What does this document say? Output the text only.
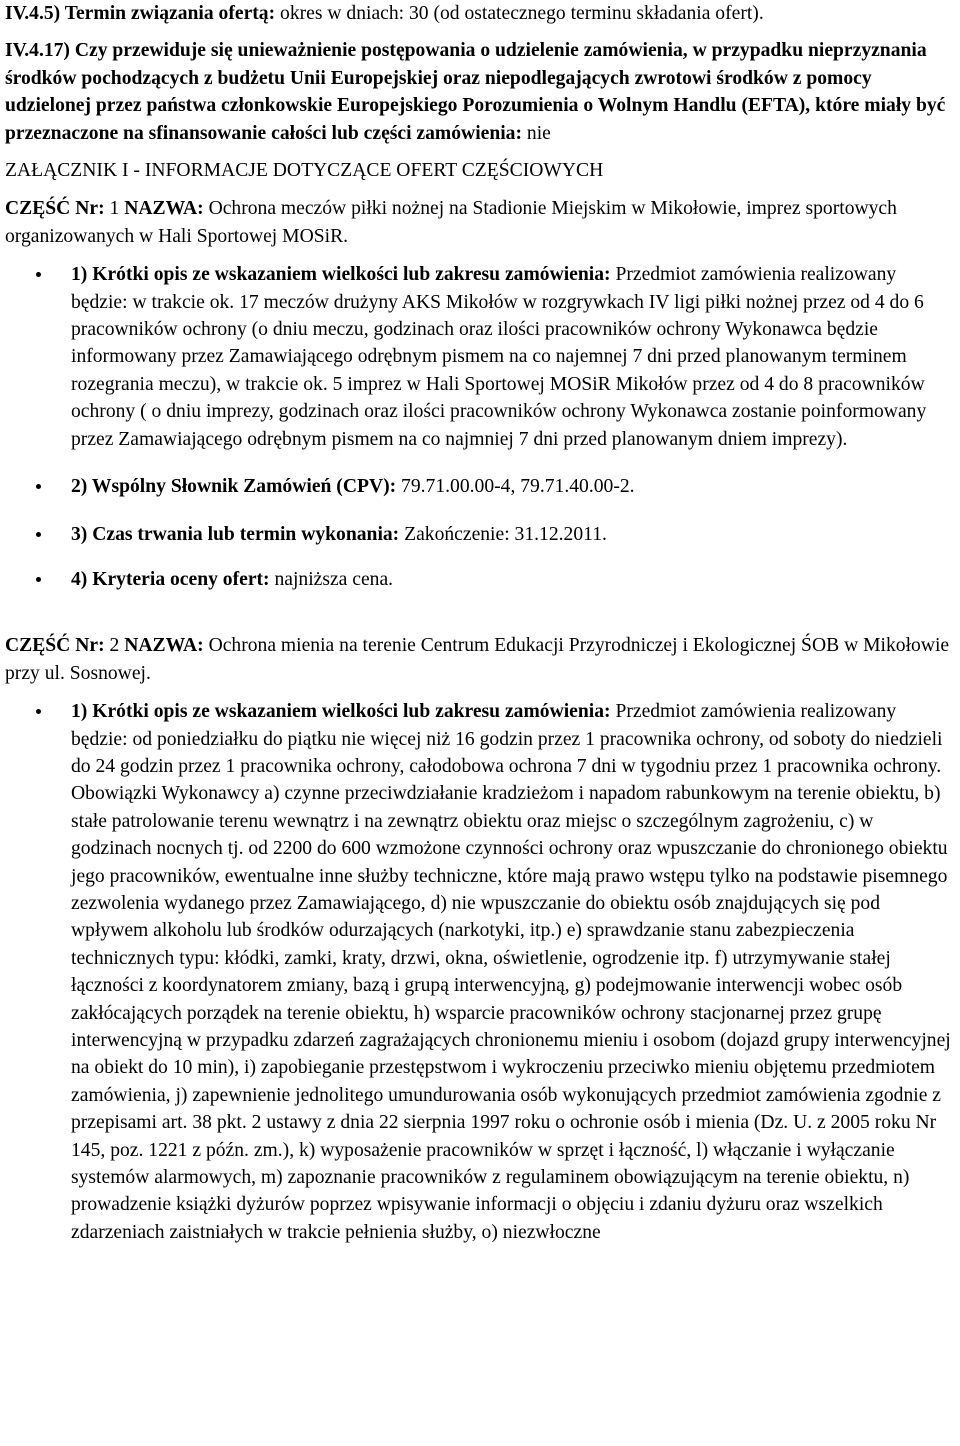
IV.4.5) Termin związania ofertą: okres w dniach: 30 (od ostatecznego terminu składania ofert).

IV.4.17) Czy przewiduje się unieważnienie postępowania o udzielenie zamówienia, w przypadku nieprzyznania środków pochodzących z budżetu Unii Europejskiej oraz niepodlegających zwrotowi środków z pomocy udzielonej przez państwa członkowskie Europejskiego Porozumienia o Wolnym Handlu (EFTA), które miały być przeznaczone na sfinansowanie całości lub części zamówienia: nie

ZAŁĄCZNIK I - INFORMACJE DOTYCZĄCE OFERT CZĘŚCIOWYCH

CZĘŚĆ Nr: 1 NAZWA: Ochrona meczów piłki nożnej na Stadionie Miejskim w Mikołowie, imprez sportowych organizowanych w Hali Sportowej MOSiR.

1) Krótki opis ze wskazaniem wielkości lub zakresu zamówienia: Przedmiot zamówienia realizowany będzie: w trakcie ok. 17 meczów drużyny AKS Mikołów w rozgrywkach IV ligi piłki nożnej przez od 4 do 6 pracowników ochrony (o dniu meczu, godzinach oraz ilości pracowników ochrony Wykonawca będzie informowany przez Zamawiającego odrębnym pismem na co najemnej 7 dni przed planowanym terminem rozegrania meczu), w trakcie ok. 5 imprez w Hali Sportowej MOSiR Mikołów przez od 4 do 8 pracowników ochrony ( o dniu imprezy, godzinach oraz ilości pracowników ochrony Wykonawca zostanie poinformowany przez Zamawiającego odrębnym pismem na co najmniej 7 dni przed planowanym dniem imprezy).
2) Wspólny Słownik Zamówień (CPV): 79.71.00.00-4, 79.71.40.00-2.
3) Czas trwania lub termin wykonania: Zakończenie: 31.12.2011.
4) Kryteria oceny ofert: najniższa cena.

CZĘŚĆ Nr: 2 NAZWA: Ochrona mienia na terenie Centrum Edukacji Przyrodniczej i Ekologicznej ŚOB w Mikołowie przy ul. Sosnowej.

1) Krótki opis ze wskazaniem wielkości lub zakresu zamówienia: Przedmiot zamówienia realizowany będzie: od poniedziałku do piątku nie więcej niż 16 godzin przez 1 pracownika ochrony, od soboty do niedzieli do 24 godzin przez 1 pracownika ochrony, całodobowa ochrona 7 dni w tygodniu przez 1 pracownika ochrony. Obowiązki Wykonawcy a) czynne przeciwdziałanie kradzieżom i napadom rabunkowym na terenie obiektu, b) stałe patrolowanie terenu wewnątrz i na zewnątrz obiektu oraz miejsc o szczególnym zagrożeniu, c) w godzinach nocnych tj. od 2200 do 600 wzmożone czynności ochrony oraz wpuszczanie do chronionego obiektu jego pracowników, ewentualne inne służby techniczne, które mają prawo wstępu tylko na podstawie pisemnego zezwolenia wydanego przez Zamawiającego, d) nie wpuszczanie do obiektu osób znajdujących się pod wpływem alkoholu lub środków odurzających (narkotyki, itp.) e) sprawdzanie stanu zabezpieczenia technicznych typu: kłódki, zamki, kraty, drzwi, okna, oświetlenie, ogrodzenie itp. f) utrzymywanie stałej łączności z koordynatorem zmiany, bazą i grupą interwencyjną, g) podejmowanie interwencji wobec osób zakłócających porządek na terenie obiektu, h) wsparcie pracowników ochrony stacjonarnej przez grupę interwencyjną w przypadku zdarzeń zagrażających chronionemu mieniu i osobom (dojazd grupy interwencyjnej na obiekt do 10 min), i) zapobieganie przestępstwom i wykroczeniu przeciwko mieniu objętemu przedmiotem zamówienia, j) zapewnienie jednolitego umundurowania osób wykonujących przedmiot zamówienia zgodnie z przepisami art. 38 pkt. 2 ustawy z dnia 22 sierpnia 1997 roku o ochronie osób i mienia (Dz. U. z 2005 roku Nr 145, poz. 1221 z późn. zm.), k) wyposażenie pracowników w sprzęt i łączność, l) włączanie i wyłączanie systemów alarmowych, m) zapoznanie pracowników z regulaminem obowiązującym na terenie obiektu, n) prowadzenie książki dyżurów poprzez wpisywanie informacji o objęciu i zdaniu dyżuru oraz wszelkich zdarzeniach zaistniałych w trakcie pełnienia służby, o) niezwłoczne
